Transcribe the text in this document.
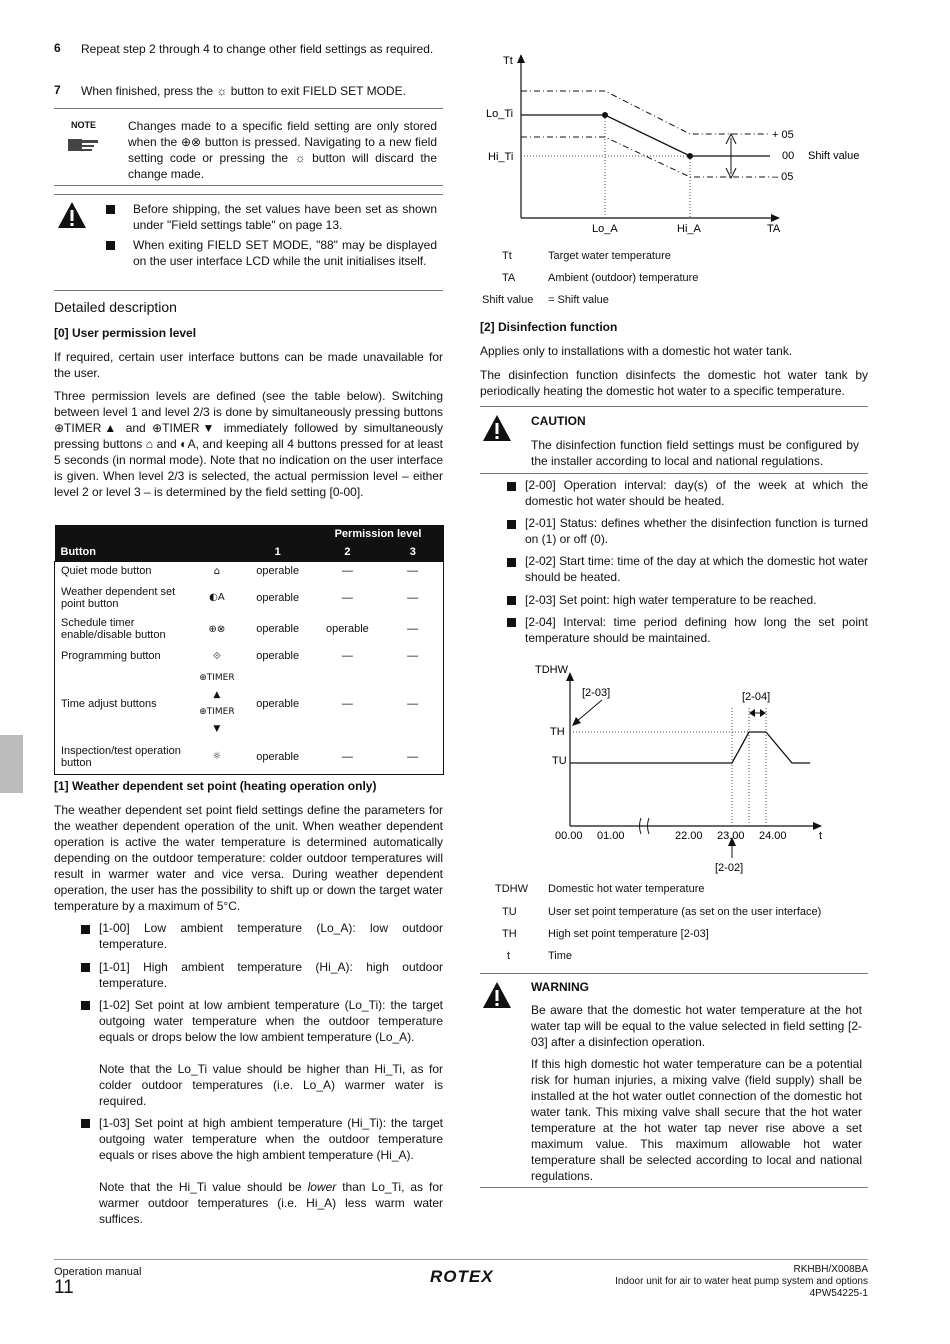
6 Repeat step 2 through 4 to change other field settings as required.
7 When finished, press the ☼ button to exit FIELD SET MODE.
NOTE	Changes made to a specific field setting are only stored when the ⊕⊗ button is pressed. Navigating to a new field setting code or pressing the ☼ button will discard the change made.
Before shipping, the set values have been set as shown under "Field settings table" on page 13.
When exiting FIELD SET MODE, "88" may be displayed on the user interface LCD while the unit initialises itself.
Detailed description
[0] User permission level
If required, certain user interface buttons can be made unavailable for the user.
Three permission levels are defined (see the table below). Switching between level 1 and level 2/3 is done by simultaneously pressing buttons ⊕TIMER▲ and ⊕TIMER▼ immediately followed by simultaneously pressing buttons ⌂ and ◐A, and keeping all 4 buttons pressed for at least 5 seconds (in normal mode). Note that no indication on the user interface is given. When level 2/3 is selected, the actual permission level – either level 2 or level 3 – is determined by the field setting [0-00].
			Permission level	
Button		1	2	3
Quiet mode button	⌂	operable	—	—
Weather dependent set point button	◐A	operable	—	—
Schedule timer enable/disable button	⊕⊗	operable	operable	—
Programming button	⟐	operable	—	—
Time adjust buttons	⊕TIMER ▲ ⊕TIMER ▼	operable	—	—
Inspection/test operation button	☼	operable	—	—
[1] Weather dependent set point (heating operation only)
The weather dependent set point field settings define the parameters for the weather dependent operation of the unit. When weather dependent operation is active the water temperature is determined automatically depending on the outdoor temperature: colder outdoor temperatures will result in warmer water and vice versa. During weather dependent operation, the user has the possibility to shift up or down the target water temperature by a maximum of 5°C.
[1-00] Low ambient temperature (Lo_A): low outdoor temperature.
[1-01] High ambient temperature (Hi_A): high outdoor temperature.
[1-02] Set point at low ambient temperature (Lo_Ti): the target outgoing water temperature when the outdoor temperature equals or drops below the low ambient temperature (Lo_A).
Note that the Lo_Ti value should be higher than Hi_Ti, as for colder outdoor temperatures (i.e. Lo_A) warmer water is required.
[1-03] Set point at high ambient temperature (Hi_Ti): the target outgoing water temperature when the outdoor temperature equals or rises above the high ambient temperature (Hi_A).
Note that the Hi_Ti value should be lower than Lo_Ti, as for warmer outdoor temperatures (i.e. Hi_A) less warm water suffices.
Tt
Lo_Ti
Hi_Ti
Lo_A	Hi_A	TA
+ 05
00
– 05
Shift value
Tt	Target water temperature
TA	Ambient (outdoor) temperature
Shift value = Shift value
[2] Disinfection function
Applies only to installations with a domestic hot water tank.
The disinfection function disinfects the domestic hot water tank by periodically heating the domestic hot water to a specific temperature.
CAUTION
The disinfection function field settings must be configured by the installer according to local and national regulations.
[2-00] Operation interval: day(s) of the week at which the domestic hot water should be heated.
[2-01] Status: defines whether the disinfection function is turned on (1) or off (0).
[2-02] Start time: time of the day at which the domestic hot water should be heated.
[2-03] Set point: high water temperature to be reached.
[2-04] Interval: time period defining how long the set point temperature should be maintained.
TDHW
TH
TU
[2-03]	[2-04]
[2-02]
00.00 01.00	22.00 23.00 24.00	t
TDHW Domestic hot water temperature
TU	User set point temperature (as set on the user interface)
TH	High set point temperature [2-03]
t	Time
WARNING
Be aware that the domestic hot water temperature at the hot water tap will be equal to the value selected in field setting [2-03] after a disinfection operation.
If this high domestic hot water temperature can be a potential risk for human injuries, a mixing valve (field supply) shall be installed at the hot water outlet connection of the domestic hot water tank. This mixing valve shall secure that the hot water temperature at the hot water tap never rise above a set maximum value. This maximum allowable hot water temperature shall be selected according to local and national regulations.
Operation manual
11
ROTEX	RKHBH/X008BA
Indoor unit for air to water heat pump system and options
4PW54225-1
